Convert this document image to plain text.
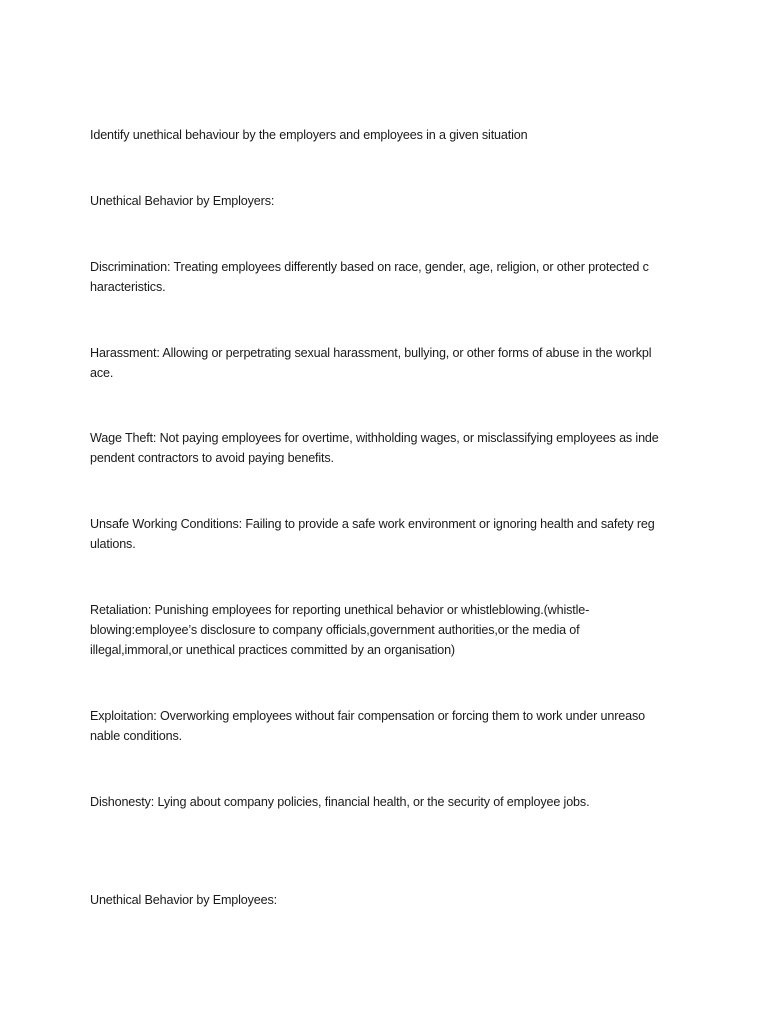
Identify unethical behaviour by the employers and employees in a given situation

Unethical Behavior by Employers:

Discrimination: Treating employees differently based on race, gender, age, religion, or other protected c
haracteristics.

Harassment: Allowing or perpetrating sexual harassment, bullying, or other forms of abuse in the workpl
ace.

Wage Theft: Not paying employees for overtime, withholding wages, or misclassifying employees as inde
pendent contractors to avoid paying benefits.

Unsafe Working Conditions: Failing to provide a safe work environment or ignoring health and safety reg
ulations.

Retaliation: Punishing employees for reporting unethical behavior or whistleblowing.(whistle-
blowing:employee’s disclosure to company officials,government authorities,or the media of
illegal,immoral,or unethical practices committed by an organisation)

Exploitation: Overworking employees without fair compensation or forcing them to work under unreaso
nable conditions.

Dishonesty: Lying about company policies, financial health, or the security of employee jobs.

Unethical Behavior by Employees:
